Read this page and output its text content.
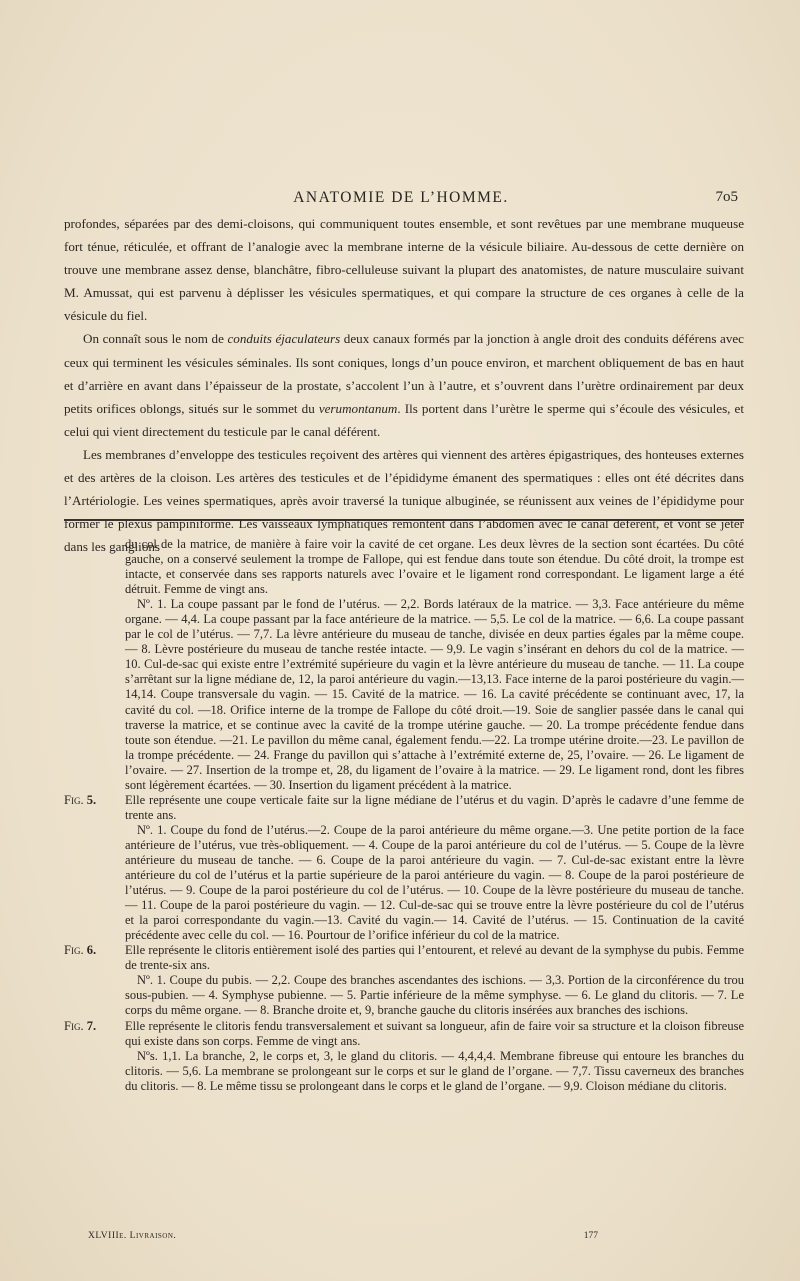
ANATOMIE DE L’HOMME.	7o5

profondes, séparées par des demi-cloisons, qui communiquent toutes ensemble, et sont revêtues par une membrane muqueuse fort ténue, réticulée, et offrant de l’analogie avec la membrane interne de la vésicule biliaire. Au-dessous de cette dernière on trouve une membrane assez dense, blanchâtre, fibro-celluleuse suivant la plupart des anatomistes, de nature musculaire suivant M. Amussat, qui est parvenu à déplisser les vésicules spermatiques, et qui compare la structure de ces organes à celle de la vésicule du fiel.

On connaît sous le nom de conduits éjaculateurs deux canaux formés par la jonction à angle droit des conduits déférens avec ceux qui terminent les vésicules séminales. Ils sont coniques, longs d’un pouce environ, et marchent obliquement de bas en haut et d’arrière en avant dans l’épaisseur de la prostate, s’accolent l’un à l’autre, et s’ouvrent dans l’urètre ordinairement par deux petits orifices oblongs, situés sur le sommet du verumontanum. Ils portent dans l’urètre le sperme qui s’écoule des vésicules, et celui qui vient directement du testicule par le canal déférent.

Les membranes d’enveloppe des testicules reçoivent des artères qui viennent des artères épigastriques, des honteuses externes et des artères de la cloison. Les artères des testicules et de l’épididyme émanent des spermatiques : elles ont été décrites dans l’Artériologie. Les veines spermatiques, après avoir traversé la tunique albuginée, se réunissent aux veines de l’épididyme pour former le plexus pampiniforme. Les vaisseaux lymphatiques remontent dans l’abdomen avec le canal déférent, et vont se jeter dans les ganglions

du col de la matrice, de manière à faire voir la cavité de cet organe. Les deux lèvres de la section sont écartées. Du côté gauche, on a conservé seulement la trompe de Fallope, qui est fendue dans toute son étendue. Du côté droit, la trompe est intacte, et conservée dans ses rapports naturels avec l’ovaire et le ligament rond correspondant. Le ligament large a été détruit. Femme de vingt ans.

Nº. 1. La coupe passant par le fond de l’utérus. — 2,2. Bords latéraux de la matrice. — 3,3. Face antérieure du même organe. — 4,4. La coupe passant par la face antérieure de la matrice. — 5,5. Le col de la matrice. — 6,6. La coupe passant par le col de l’utérus. — 7,7. La lèvre antérieure du museau de tanche, divisée en deux parties égales par la même coupe. — 8. Lèvre postérieure du museau de tanche restée intacte. — 9,9. Le vagin s’insérant en dehors du col de la matrice. — 10. Cul-de-sac qui existe entre l’extrémité supérieure du vagin et la lèvre antérieure du museau de tanche. — 11. La coupe s’arrêtant sur la ligne médiane de, 12, la paroi antérieure du vagin.—13,13. Face interne de la paroi postérieure du vagin.—14,14. Coupe transversale du vagin. — 15. Cavité de la matrice. — 16. La cavité précédente se continuant avec, 17, la cavité du col. —18. Orifice interne de la trompe de Fallope du côté droit.—19. Soie de sanglier passée dans le canal qui traverse la matrice, et se continue avec la cavité de la trompe utérine gauche. — 20. La trompe précédente fendue dans toute son étendue. —21. Le pavillon du même canal, également fendu.—22. La trompe utérine droite.—23. Le pavillon de la trompe précédente. — 24. Frange du pavillon qui s’attache à l’extrémité externe de, 25, l’ovaire. — 26. Le ligament de l’ovaire. — 27. Insertion de la trompe et, 28, du ligament de l’ovaire à la matrice. — 29. Le ligament rond, dont les fibres sont légèrement écartées. — 30. Insertion du ligament précédent à la matrice.

Fig. 5. Elle représente une coupe verticale faite sur la ligne médiane de l’utérus et du vagin. D’après le cadavre d’une femme de trente ans.

Nº. 1. Coupe du fond de l’utérus.—2. Coupe de la paroi antérieure du même organe.—3. Une petite portion de la face antérieure de l’utérus, vue très-obliquement. — 4. Coupe de la paroi antérieure du col de l’utérus. — 5. Coupe de la lèvre antérieure du museau de tanche. — 6. Coupe de la paroi antérieure du vagin. — 7. Cul-de-sac existant entre la lèvre antérieure du col de l’utérus et la partie supérieure de la paroi antérieure du vagin. — 8. Coupe de la paroi postérieure de l’utérus. — 9. Coupe de la paroi postérieure du col de l’utérus. — 10. Coupe de la lèvre postérieure du museau de tanche. — 11. Coupe de la paroi postérieure du vagin. — 12. Cul-de-sac qui se trouve entre la lèvre postérieure du col de l’utérus et la paroi correspondante du vagin.—13. Cavité du vagin.— 14. Cavité de l’utérus. — 15. Continuation de la cavité précédente avec celle du col. — 16. Pourtour de l’orifice inférieur du col de la matrice.

Fig. 6. Elle représente le clitoris entièrement isolé des parties qui l’entourent, et relevé au devant de la symphyse du pubis. Femme de trente-six ans.

Nº. 1. Coupe du pubis. — 2,2. Coupe des branches ascendantes des ischions. — 3,3. Portion de la circonférence du trou sous-pubien. — 4. Symphyse pubienne. — 5. Partie inférieure de la même symphyse. — 6. Le gland du clitoris. — 7. Le corps du même organe. — 8. Branche droite et, 9, branche gauche du clitoris insérées aux branches des ischions.

Fig. 7. Elle représente le clitoris fendu transversalement et suivant sa longueur, afin de faire voir sa structure et la cloison fibreuse qui existe dans son corps. Femme de vingt ans.

Nºs. 1,1. La branche, 2, le corps et, 3, le gland du clitoris. — 4,4,4,4. Membrane fibreuse qui entoure les branches du clitoris. — 5,6. La membrane se prolongeant sur le corps et sur le gland de l’organe. — 7,7. Tissu caverneux des branches du clitoris. — 8. Le même tissu se prolongeant dans le corps et le gland de l’organe. — 9,9. Cloison médiane du clitoris.

XLVIIIe. Livraison.	177
